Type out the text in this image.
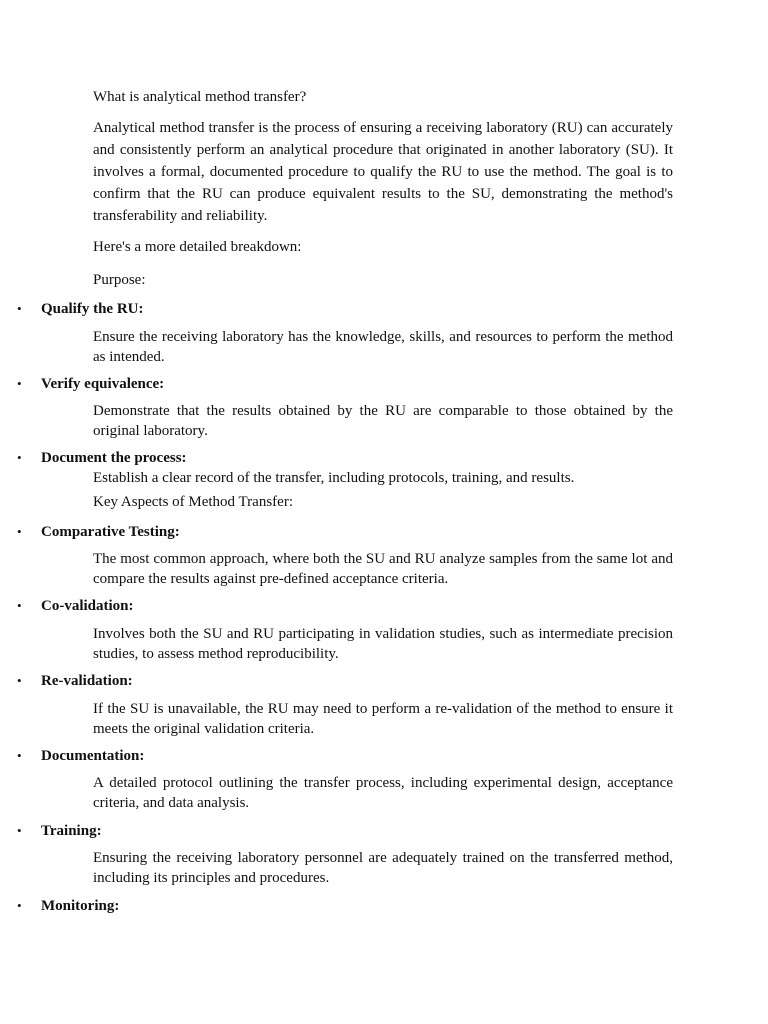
What is analytical method transfer?

Analytical method transfer is the process of ensuring a receiving laboratory (RU) can accurately and consistently perform an analytical procedure that originated in another laboratory (SU). It involves a formal, documented procedure to qualify the RU to use the method. The goal is to confirm that the RU can produce equivalent results to the SU, demonstrating the method's transferability and reliability.

Here's a more detailed breakdown:

Purpose:

• Qualify the RU:

Ensure the receiving laboratory has the knowledge, skills, and resources to perform the method as intended.

• Verify equivalence:

Demonstrate that the results obtained by the RU are comparable to those obtained by the original laboratory.

• Document the process:

Establish a clear record of the transfer, including protocols, training, and results.

Key Aspects of Method Transfer:

• Comparative Testing:

The most common approach, where both the SU and RU analyze samples from the same lot and compare the results against pre-defined acceptance criteria.

• Co-validation:

Involves both the SU and RU participating in validation studies, such as intermediate precision studies, to assess method reproducibility.

• Re-validation:

If the SU is unavailable, the RU may need to perform a re-validation of the method to ensure it meets the original validation criteria.

• Documentation:

A detailed protocol outlining the transfer process, including experimental design, acceptance criteria, and data analysis.

• Training:

Ensuring the receiving laboratory personnel are adequately trained on the transferred method, including its principles and procedures.

• Monitoring:
